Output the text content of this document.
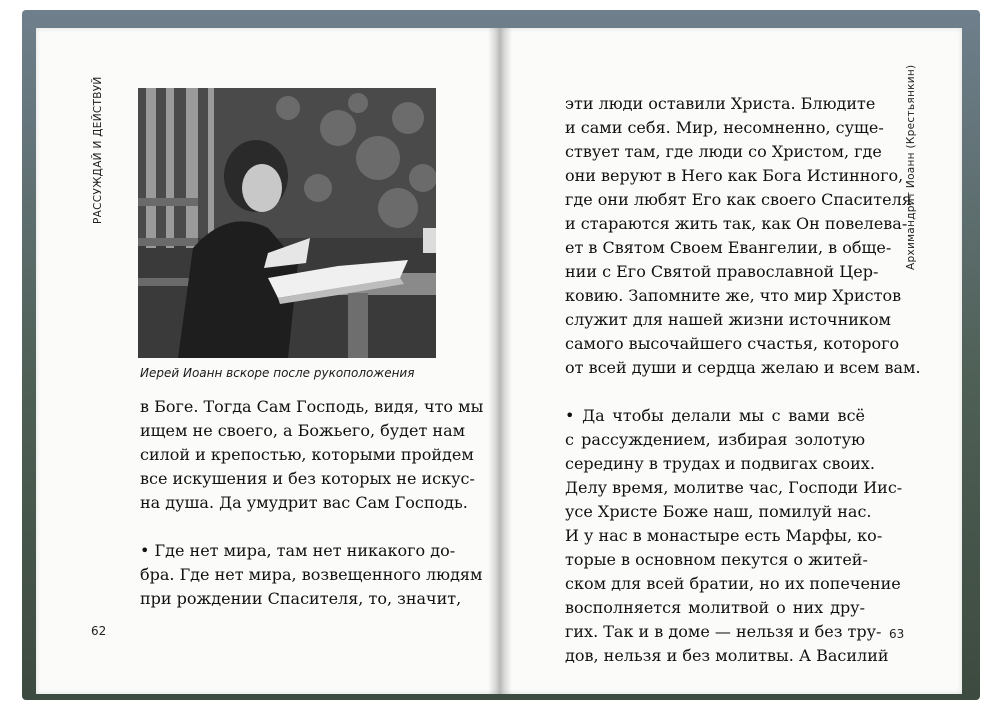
РАССУЖДАЙ И ДЕЙСТВУЙ	Архимандрит Иоанн (Крестьянкин)
Иерей Иоанн вскоре после рукоположения
в Боге. Тогда Сам Господь, видя, что мы
ищем не своего, а Божьего, будет нам
силой и крепостью, которыми пройдем
все искушения и без которых не искус-
на душа. Да умудрит вас Сам Господь.
• Где нет мира, там нет никакого до-
бра. Где нет мира, возвещенного людям
при рождении Спасителя, то, значит,
эти люди оставили Христа. Блюдите
и сами себя. Мир, несомненно, суще-
ствует там, где люди со Христом, где
они веруют в Него как Бога Истинного,
где они любят Его как своего Спасителя
и стараются жить так, как Он повелева-
ет в Святом Своем Евангелии, в обще-
нии с Его Святой православной Цер-
ковию. Запомните же, что мир Христов
служит для нашей жизни источником
самого высочайшего счастья, которого
от всей души и сердца желаю и всем вам.
• Да чтобы делали мы с вами всё
с рассуждением, избирая золотую
середину в трудах и подвигах своих.
Делу время, молитве час, Господи Иис-
усе Христе Боже наш, помилуй нас.
И у нас в монастыре есть Марфы, ко-
торые в основном пекутся о житей-
ском для всей братии, но их попечение
восполняется молитвой о них дру-
гих. Так и в доме — нельзя и без тру-
дов, нельзя и без молитвы. А Василий
62	63
